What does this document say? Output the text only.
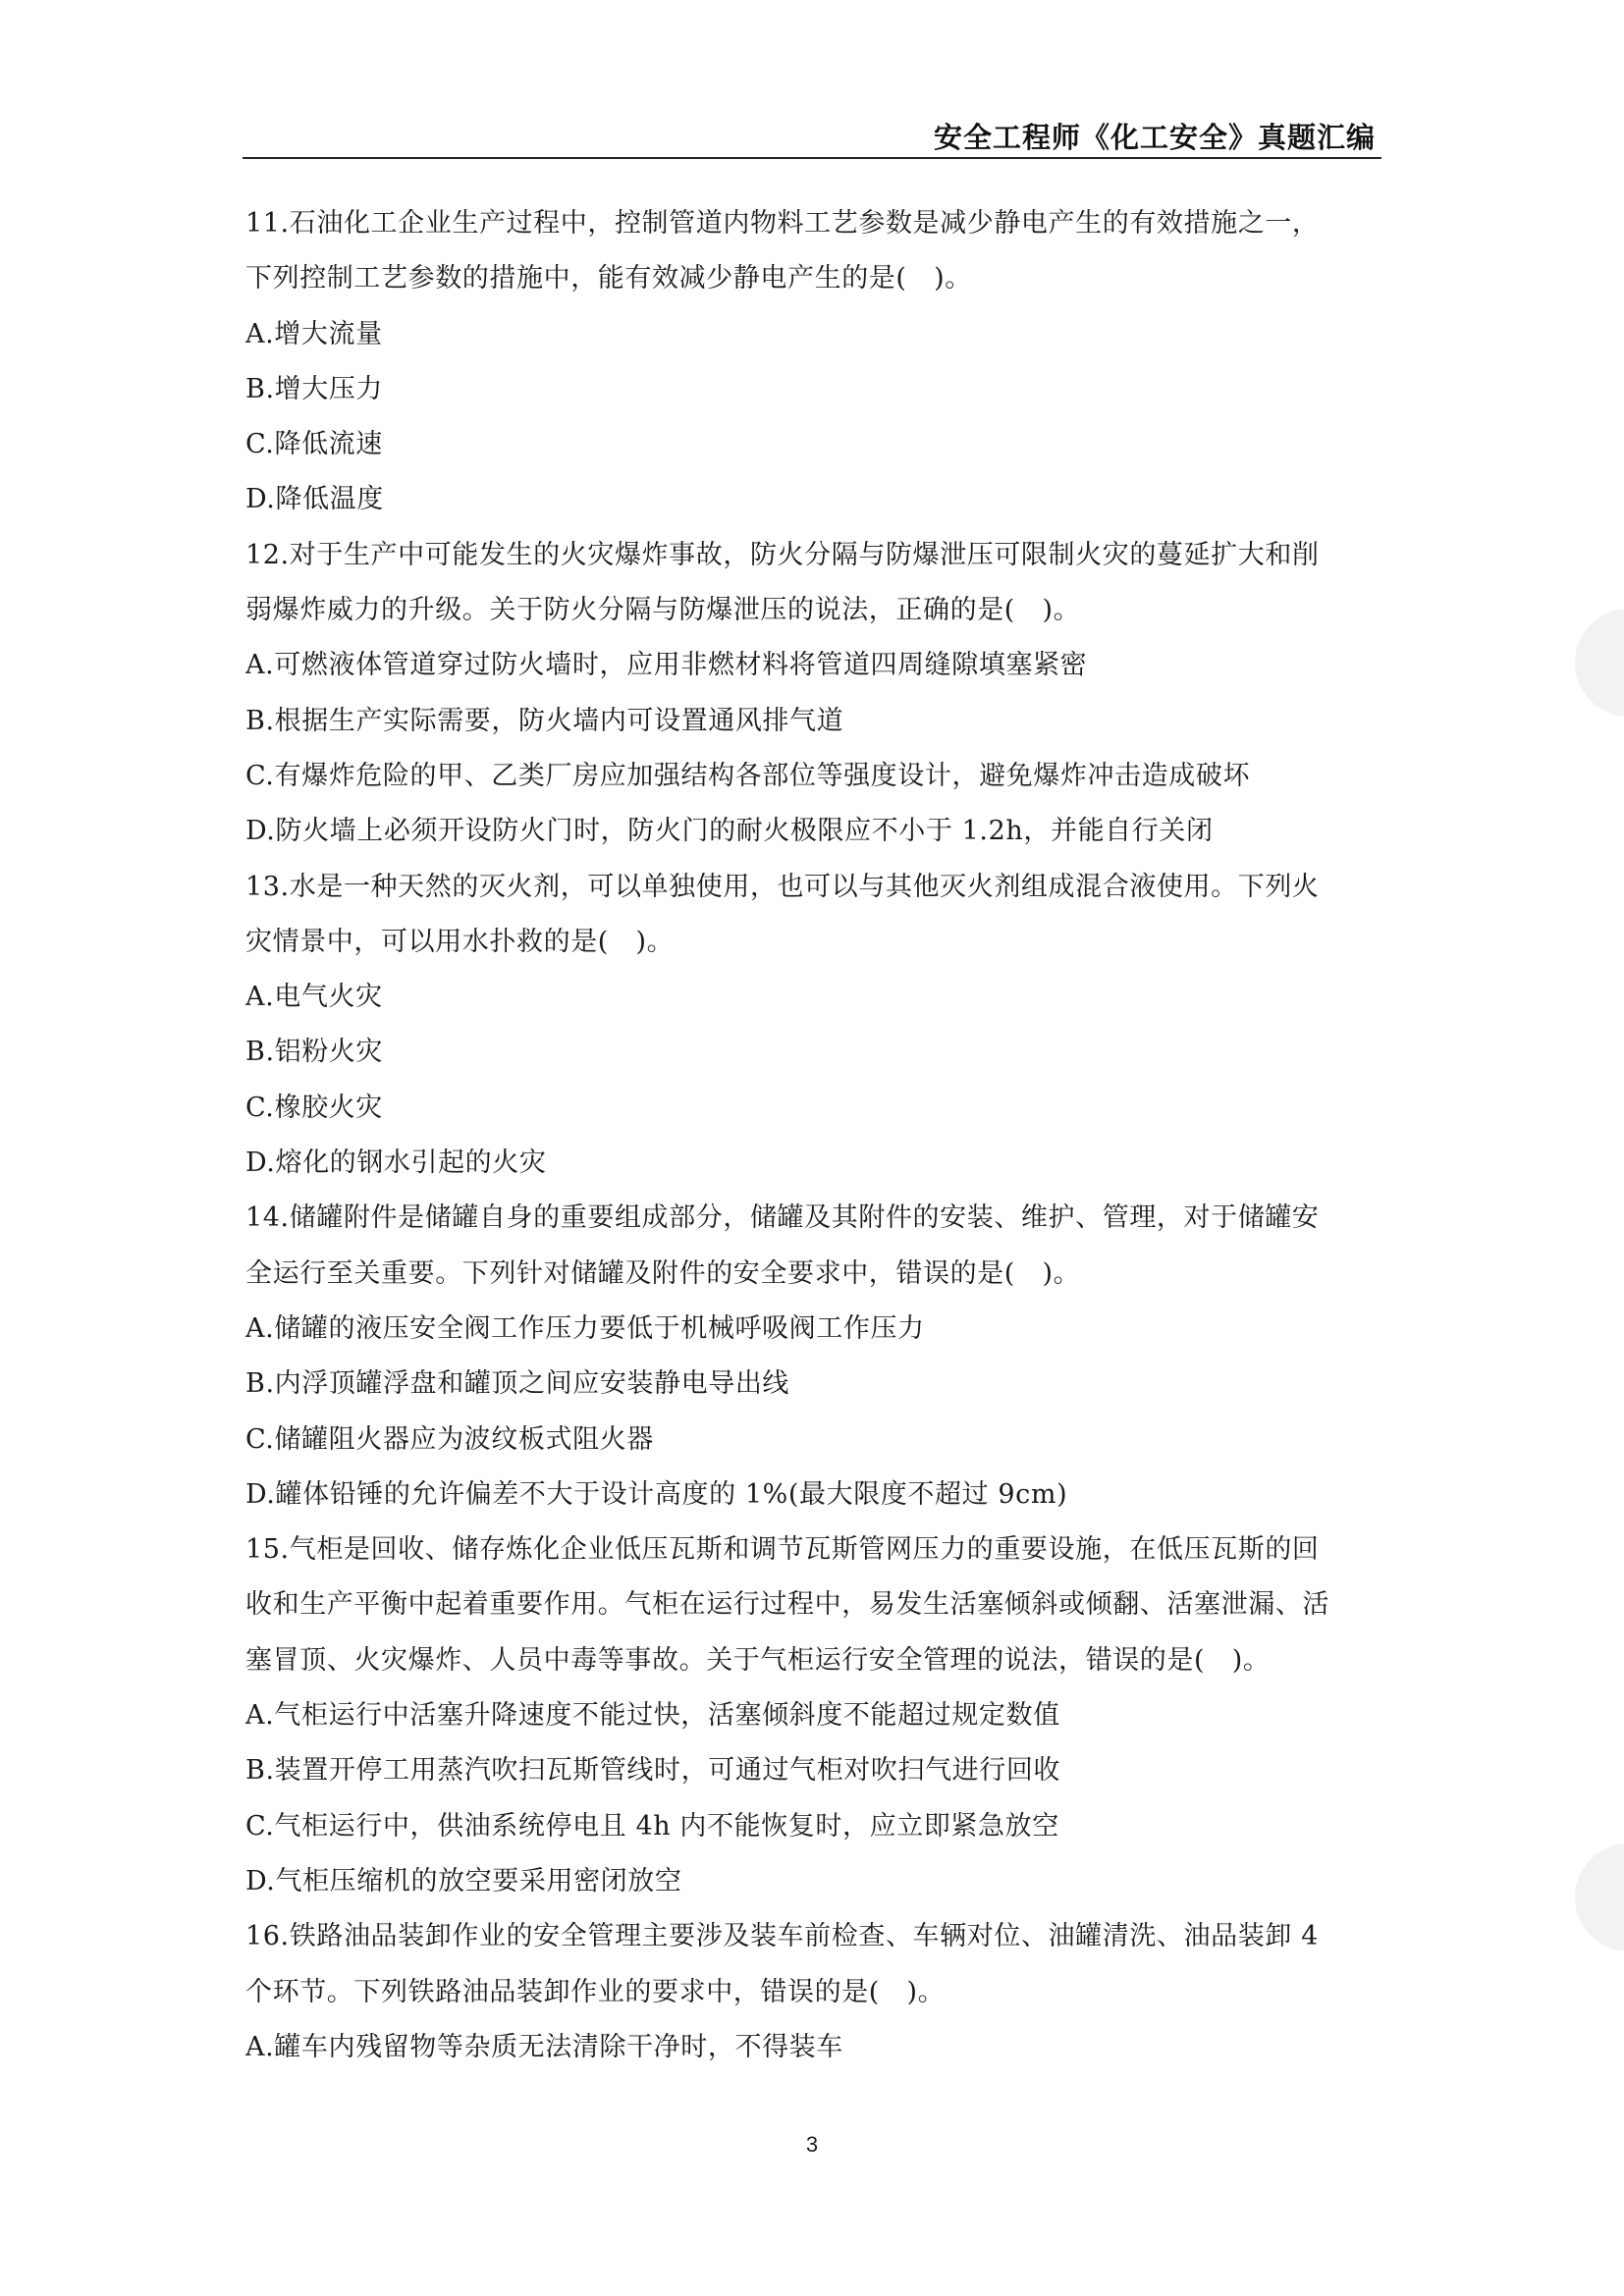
安全工程师《化工安全》真题汇编
11.石油化工企业生产过程中，控制管道内物料工艺参数是减少静电产生的有效措施之一，
下列控制工艺参数的措施中，能有效减少静电产生的是(　)。
A.增大流量
B.增大压力
C.降低流速
D.降低温度
12.对于生产中可能发生的火灾爆炸事故，防火分隔与防爆泄压可限制火灾的蔓延扩大和削
弱爆炸威力的升级。关于防火分隔与防爆泄压的说法，正确的是(　)。
A.可燃液体管道穿过防火墙时，应用非燃材料将管道四周缝隙填塞紧密
B.根据生产实际需要，防火墙内可设置通风排气道
C.有爆炸危险的甲、乙类厂房应加强结构各部位等强度设计，避免爆炸冲击造成破坏
D.防火墙上必须开设防火门时，防火门的耐火极限应不小于 1.2h，并能自行关闭
13.水是一种天然的灭火剂，可以单独使用，也可以与其他灭火剂组成混合液使用。下列火
灾情景中，可以用水扑救的是(　)。
A.电气火灾
B.铝粉火灾
C.橡胶火灾
D.熔化的钢水引起的火灾
14.储罐附件是储罐自身的重要组成部分，储罐及其附件的安装、维护、管理，对于储罐安
全运行至关重要。下列针对储罐及附件的安全要求中，错误的是(　)。
A.储罐的液压安全阀工作压力要低于机械呼吸阀工作压力
B.内浮顶罐浮盘和罐顶之间应安装静电导出线
C.储罐阻火器应为波纹板式阻火器
D.罐体铅锤的允许偏差不大于设计高度的 1%(最大限度不超过 9cm)
15.气柜是回收、储存炼化企业低压瓦斯和调节瓦斯管网压力的重要设施，在低压瓦斯的回
收和生产平衡中起着重要作用。气柜在运行过程中，易发生活塞倾斜或倾翻、活塞泄漏、活
塞冒顶、火灾爆炸、人员中毒等事故。关于气柜运行安全管理的说法，错误的是(　)。
A.气柜运行中活塞升降速度不能过快，活塞倾斜度不能超过规定数值
B.装置开停工用蒸汽吹扫瓦斯管线时，可通过气柜对吹扫气进行回收
C.气柜运行中，供油系统停电且 4h 内不能恢复时，应立即紧急放空
D.气柜压缩机的放空要采用密闭放空
16.铁路油品装卸作业的安全管理主要涉及装车前检查、车辆对位、油罐清洗、油品装卸 4
个环节。下列铁路油品装卸作业的要求中，错误的是(　)。
A.罐车内残留物等杂质无法清除干净时，不得装车
3
